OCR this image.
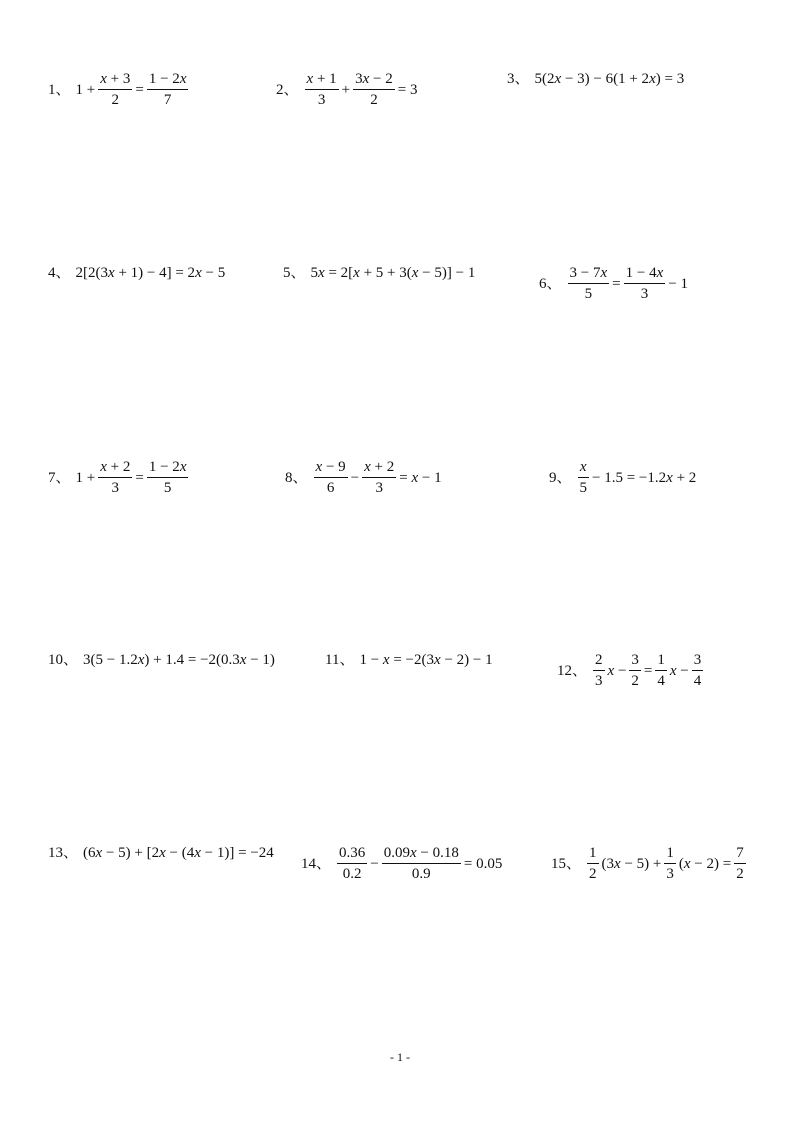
1、 $1 + \frac{x + 3}{2} = \frac{1 - 2x}{7}$	2、 $\frac{x + 1}{3} + \frac{3x - 2}{2} = 3$
3、 5(2x − 3) − 6(1 + 2x) = 3
4、 2[2(3x + 1) − 4] = 2x − 5	5、 5x = 2[x + 5 + 3(x − 5)] − 1
6、 $\frac{3 - 7x}{5} = \frac{1 - 4x}{3} - 1$
7、 $1 + \frac{x + 2}{3} = \frac{1 - 2x}{5}$	8、 $\frac{x - 9}{6} - \frac{x + 2}{3} = x - 1$	9、 $\frac{x}{5} - 1.5 = -1.2x + 2$
10、 3(5 − 1.2x) + 1.4 = −2(0.3x − 1)	11、 1 − x = −2(3x − 2) − 1
12、 $\frac{2}{3}$ $x - \frac{3}{2} = \frac{1}{4}$ $x - \frac{3}{4}$
13、 (6x − 5) + [2x − (4x − 1)] = −24
14、 $\frac{0.36}{0.2} - \frac{0.09x - 0.18}{0.9} = 0.05$	15、 $\frac{1}{2} (3x - 5) + \frac{1}{3} (x - 2) = \frac{7}{2}$
- 1 -
